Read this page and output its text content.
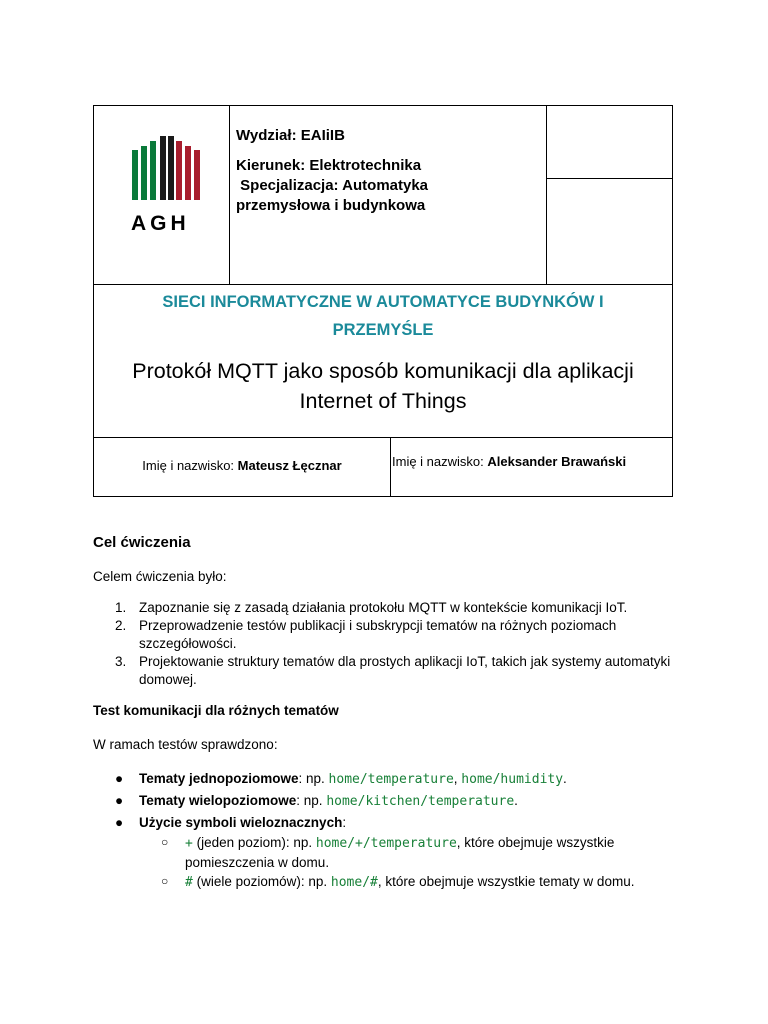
AGH
Wydział: EAIiIB
Kierunek: Elektrotechnika
Specjalizacja: Automatyka
przemysłowa i budynkowa
SIECI INFORMATYCZNE W AUTOMATYCE BUDYNKÓW I
PRZEMYŚLE
Protokół MQTT jako sposób komunikacji dla aplikacji
Internet of Things
Imię i nazwisko: Mateusz Łęcznar	Imię i nazwisko: Aleksander Brawański
Cel ćwiczenia
Celem ćwiczenia było:
1. Zapoznanie się z zasadą działania protokołu MQTT w kontekście komunikacji IoT.
2. Przeprowadzenie testów publikacji i subskrypcji tematów na różnych poziomach szczegółowości.
3. Projektowanie struktury tematów dla prostych aplikacji IoT, takich jak systemy automatyki domowej.
Test komunikacji dla różnych tematów
W ramach testów sprawdzono:
● Tematy jednopoziomowe: np. home/temperature, home/humidity.
● Tematy wielopoziomowe: np. home/kitchen/temperature.
● Użycie symboli wieloznacznych:
○ + (jeden poziom): np. home/+/temperature, które obejmuje wszystkie pomieszczenia w domu.
○ # (wiele poziomów): np. home/#, które obejmuje wszystkie tematy w domu.
